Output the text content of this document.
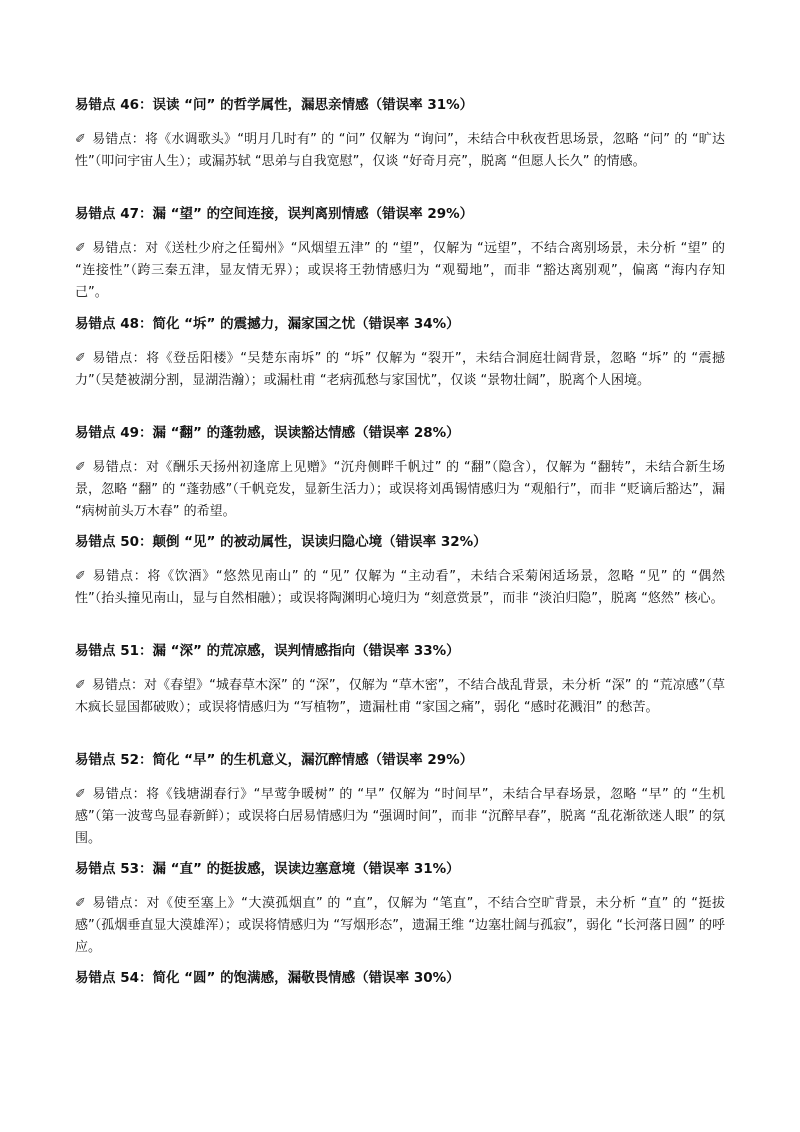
易错点 46：误读 “问” 的哲学属性，漏思亲情感（错误率 31%）

✐ 易错点：将《水调歌头》“明月几时有” 的 “问” 仅解为 “询问”，未结合中秋夜哲思场景，忽略 “问” 的 “旷达性”（叩问宇宙人生）；或漏苏轼 “思弟与自我宽慰”，仅谈 “好奇月亮”，脱离 “但愿人长久” 的情感。

易错点 47：漏 “望” 的空间连接，误判离别情感（错误率 29%）

✐ 易错点：对《送杜少府之任蜀州》“风烟望五津” 的 “望”，仅解为 “远望”，不结合离别场景，未分析 “望” 的 “连接性”（跨三秦五津，显友情无界）；或误将王勃情感归为 “观蜀地”，而非 “豁达离别观”，偏离 “海内存知己”。

易错点 48：简化 “坼” 的震撼力，漏家国之忧（错误率 34%）

✐ 易错点：将《登岳阳楼》“吴楚东南坼” 的 “坼” 仅解为 “裂开”，未结合洞庭壮阔背景，忽略 “坼” 的 “震撼力”（吴楚被湖分割，显湖浩瀚）；或漏杜甫 “老病孤愁与家国忧”，仅谈 “景物壮阔”，脱离个人困境。

易错点 49：漏 “翻” 的蓬勃感，误读豁达情感（错误率 28%）

✐ 易错点：对《酬乐天扬州初逢席上见赠》“沉舟侧畔千帆过” 的 “翻”（隐含），仅解为 “翻转”，未结合新生场景，忽略 “翻” 的 “蓬勃感”（千帆竞发，显新生活力）；或误将刘禹锡情感归为 “观船行”，而非 “贬谪后豁达”，漏 “病树前头万木春” 的希望。

易错点 50：颠倒 “见” 的被动属性，误读归隐心境（错误率 32%）

✐ 易错点：将《饮酒》“悠然见南山” 的 “见” 仅解为 “主动看”，未结合采菊闲适场景，忽略 “见” 的 “偶然性”（抬头撞见南山，显与自然相融）；或误将陶渊明心境归为 “刻意赏景”，而非 “淡泊归隐”，脱离 “悠然” 核心。

易错点 51：漏 “深” 的荒凉感，误判情感指向（错误率 33%）

✐ 易错点：对《春望》“城春草木深” 的 “深”，仅解为 “草木密”，不结合战乱背景，未分析 “深” 的 “荒凉感”（草木疯长显国都破败）；或误将情感归为 “写植物”，遗漏杜甫 “家国之痛”，弱化 “感时花溅泪” 的愁苦。

易错点 52：简化 “早” 的生机意义，漏沉醉情感（错误率 29%）

✐ 易错点：将《钱塘湖春行》“早莺争暖树” 的 “早” 仅解为 “时间早”，未结合早春场景，忽略 “早” 的 “生机感”（第一波莺鸟显春新鲜）；或误将白居易情感归为 “强调时间”，而非 “沉醉早春”，脱离 “乱花渐欲迷人眼” 的氛围。

易错点 53：漏 “直” 的挺拔感，误读边塞意境（错误率 31%）

✐ 易错点：对《使至塞上》“大漠孤烟直” 的 “直”，仅解为 “笔直”，不结合空旷背景，未分析 “直” 的 “挺拔感”（孤烟垂直显大漠雄浑）；或误将情感归为 “写烟形态”，遗漏王维 “边塞壮阔与孤寂”，弱化 “长河落日圆” 的呼应。

易错点 54：简化 “圆” 的饱满感，漏敬畏情感（错误率 30%）
